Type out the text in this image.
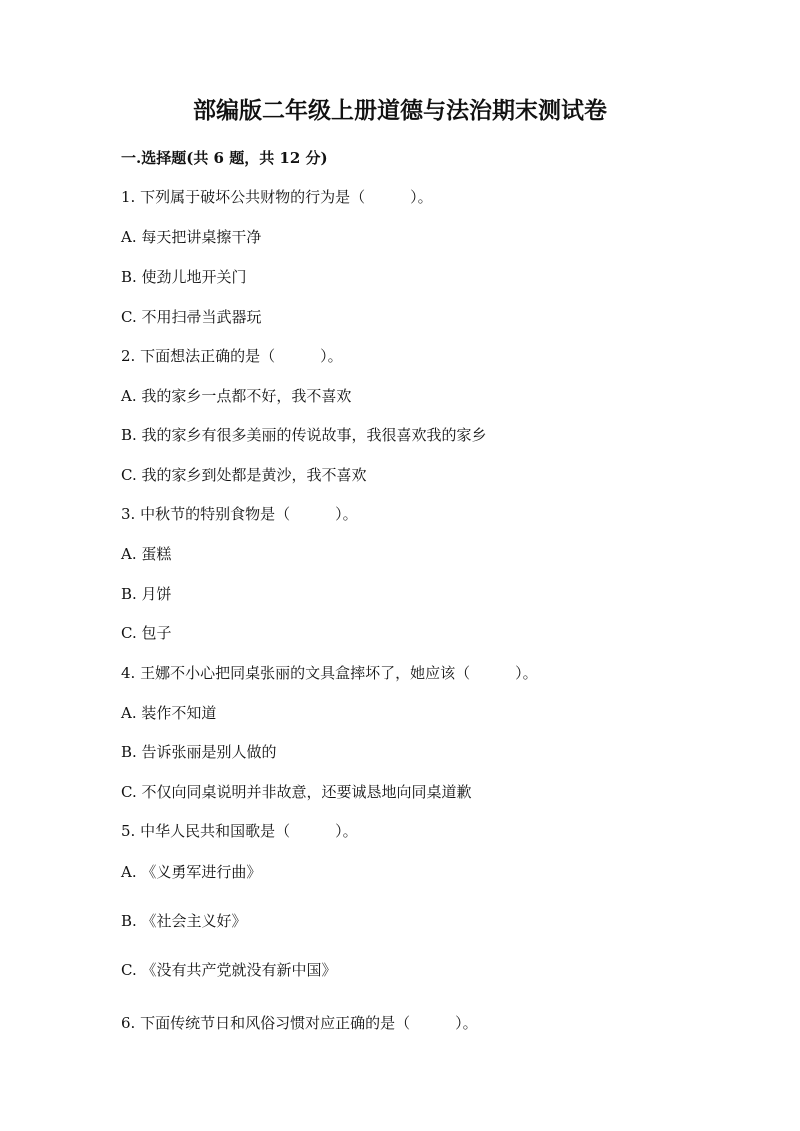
部编版二年级上册道德与法治期末测试卷
一.选择题(共 6 题，共 12 分)
1. 下列属于破坏公共财物的行为是（　　　）。
A. 每天把讲桌擦干净
B. 使劲儿地开关门
C. 不用扫帚当武器玩
2. 下面想法正确的是（　　　）。
A. 我的家乡一点都不好，我不喜欢
B. 我的家乡有很多美丽的传说故事，我很喜欢我的家乡
C. 我的家乡到处都是黄沙，我不喜欢
3. 中秋节的特别食物是（　　　）。
A. 蛋糕
B. 月饼
C. 包子
4. 王娜不小心把同桌张丽的文具盒摔坏了，她应该（　　　）。
A. 装作不知道
B. 告诉张丽是别人做的
C. 不仅向同桌说明并非故意，还要诚恳地向同桌道歉
5. 中华人民共和国歌是（　　　）。
A. 《义勇军进行曲》
B. 《社会主义好》
C. 《没有共产党就没有新中国》
6. 下面传统节日和风俗习惯对应正确的是（　　　）。
